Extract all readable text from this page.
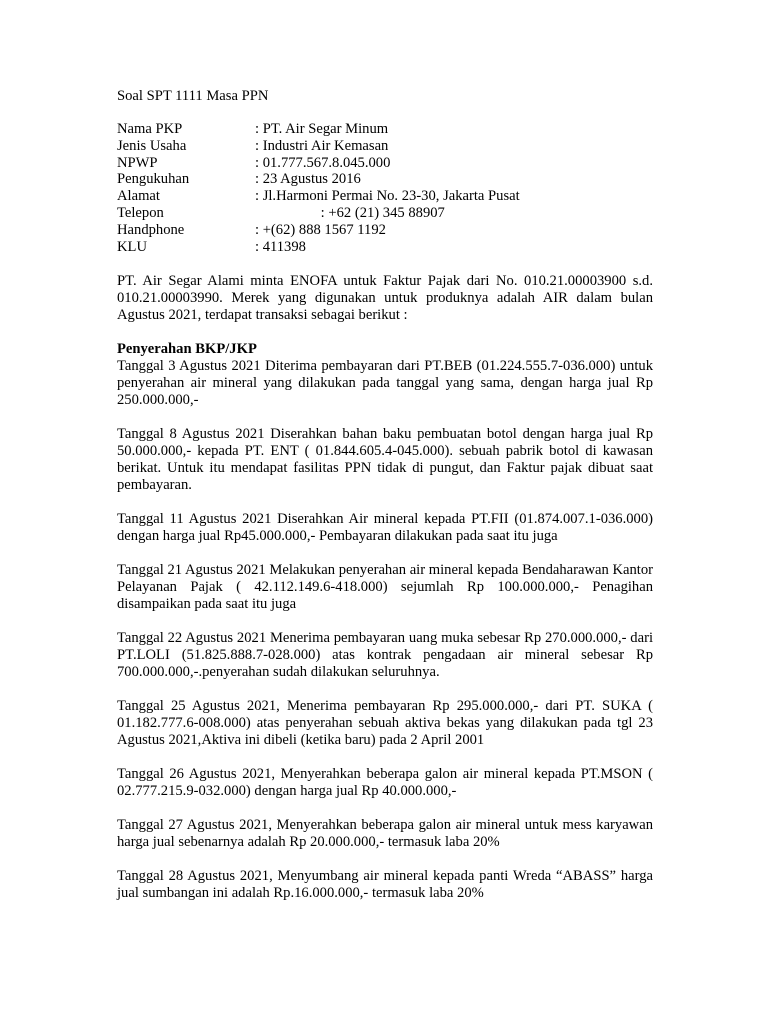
Soal SPT 1111 Masa PPN
Nama PKP	: PT. Air Segar Minum
Jenis Usaha	: Industri Air Kemasan
NPWP	: 01.777.567.8.045.000
Pengukuhan	: 23 Agustus 2016
Alamat	: Jl.Harmoni Permai No. 23-30, Jakarta Pusat
Telepon	: +62 (21) 345 88907
Handphone	: +(62) 888 1567 1192
KLU	: 411398

PT. Air Segar Alami minta ENOFA untuk Faktur Pajak dari No. 010.21.00003900 s.d. 010.21.00003990. Merek yang digunakan untuk produknya adalah AIR dalam bulan Agustus 2021, terdapat transaksi sebagai berikut :

Penyerahan BKP/JKP

Tanggal 3 Agustus 2021 Diterima pembayaran dari PT.BEB (01.224.555.7-036.000) untuk penyerahan air mineral yang dilakukan pada tanggal yang sama, dengan harga jual Rp 250.000.000,-

Tanggal 8 Agustus 2021 Diserahkan bahan baku pembuatan botol dengan harga jual Rp 50.000.000,- kepada PT. ENT ( 01.844.605.4-045.000). sebuah pabrik botol di kawasan berikat. Untuk itu mendapat fasilitas PPN tidak di pungut, dan Faktur pajak dibuat saat pembayaran.

Tanggal 11 Agustus 2021 Diserahkan Air mineral kepada PT.FII (01.874.007.1-036.000) dengan harga jual Rp45.000.000,- Pembayaran dilakukan pada saat itu juga

Tanggal 21 Agustus 2021 Melakukan penyerahan air mineral kepada Bendaharawan Kantor Pelayanan Pajak ( 42.112.149.6-418.000) sejumlah Rp 100.000.000,- Penagihan disampaikan pada saat itu juga

Tanggal 22 Agustus 2021 Menerima pembayaran uang muka sebesar Rp 270.000.000,- dari PT.LOLI (51.825.888.7-028.000) atas kontrak pengadaan air mineral sebesar Rp 700.000.000,-.penyerahan sudah dilakukan seluruhnya.

Tanggal 25 Agustus 2021, Menerima pembayaran Rp 295.000.000,- dari PT. SUKA ( 01.182.777.6-008.000) atas penyerahan sebuah aktiva bekas yang dilakukan pada tgl 23 Agustus 2021,Aktiva ini dibeli (ketika baru) pada 2 April 2001

Tanggal 26 Agustus 2021, Menyerahkan beberapa galon air mineral kepada PT.MSON ( 02.777.215.9-032.000) dengan harga jual Rp 40.000.000,-

Tanggal 27 Agustus 2021, Menyerahkan beberapa galon air mineral untuk mess karyawan harga jual sebenarnya adalah Rp 20.000.000,- termasuk laba 20%

Tanggal 28 Agustus 2021, Menyumbang air mineral kepada panti Wreda “ABASS” harga jual sumbangan ini adalah Rp.16.000.000,- termasuk laba 20%
